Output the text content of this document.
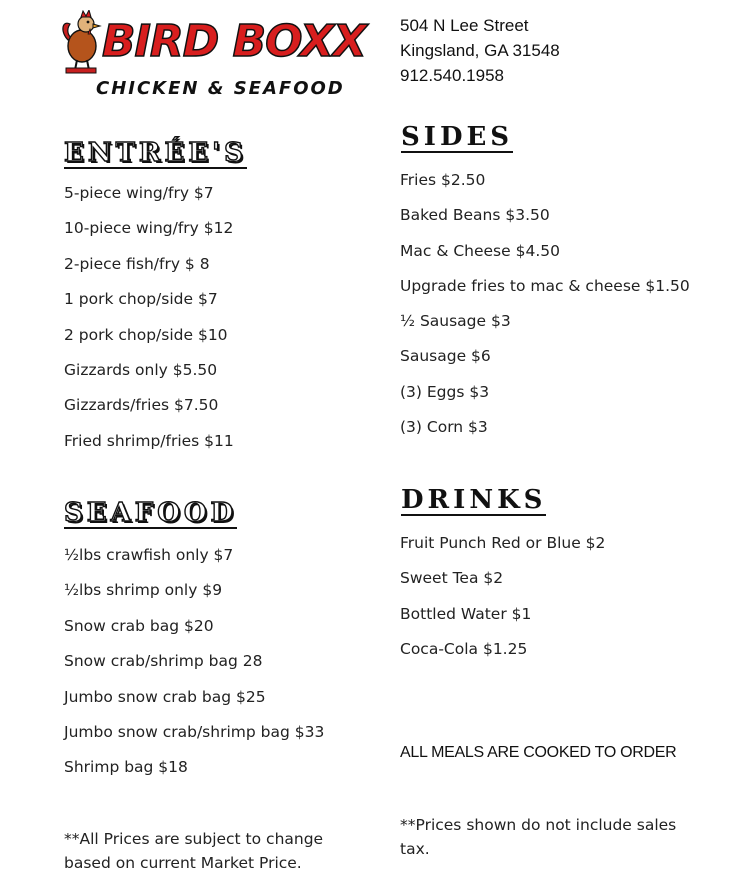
BIRD BOXX
CHICKEN & SEAFOOD
504 N Lee Street
Kingsland, GA 31548
912.540.1958
ENTRÉE'S
5-piece wing/fry $7
10-piece wing/fry $12
2-piece fish/fry $ 8
1 pork chop/side $7
2 pork chop/side $10
Gizzards only $5.50
Gizzards/fries $7.50
Fried shrimp/fries $11
SEAFOOD
½lbs crawfish only $7
½lbs shrimp only $9
Snow crab bag $20
Snow crab/shrimp bag 28
Jumbo snow crab bag $25
Jumbo snow crab/shrimp bag $33
Shrimp bag $18
SIDES
Fries $2.50
Baked Beans $3.50
Mac & Cheese $4.50
Upgrade fries to mac & cheese $1.50
½ Sausage $3
Sausage $6
(3) Eggs $3
(3) Corn $3
DRINKS
Fruit Punch Red or Blue $2
Sweet Tea $2
Bottled Water $1
Coca-Cola $1.25
ALL MEALS ARE COOKED TO ORDER
**All Prices are subject to change
based on current Market Price.
**Prices shown do not include sales
tax.
